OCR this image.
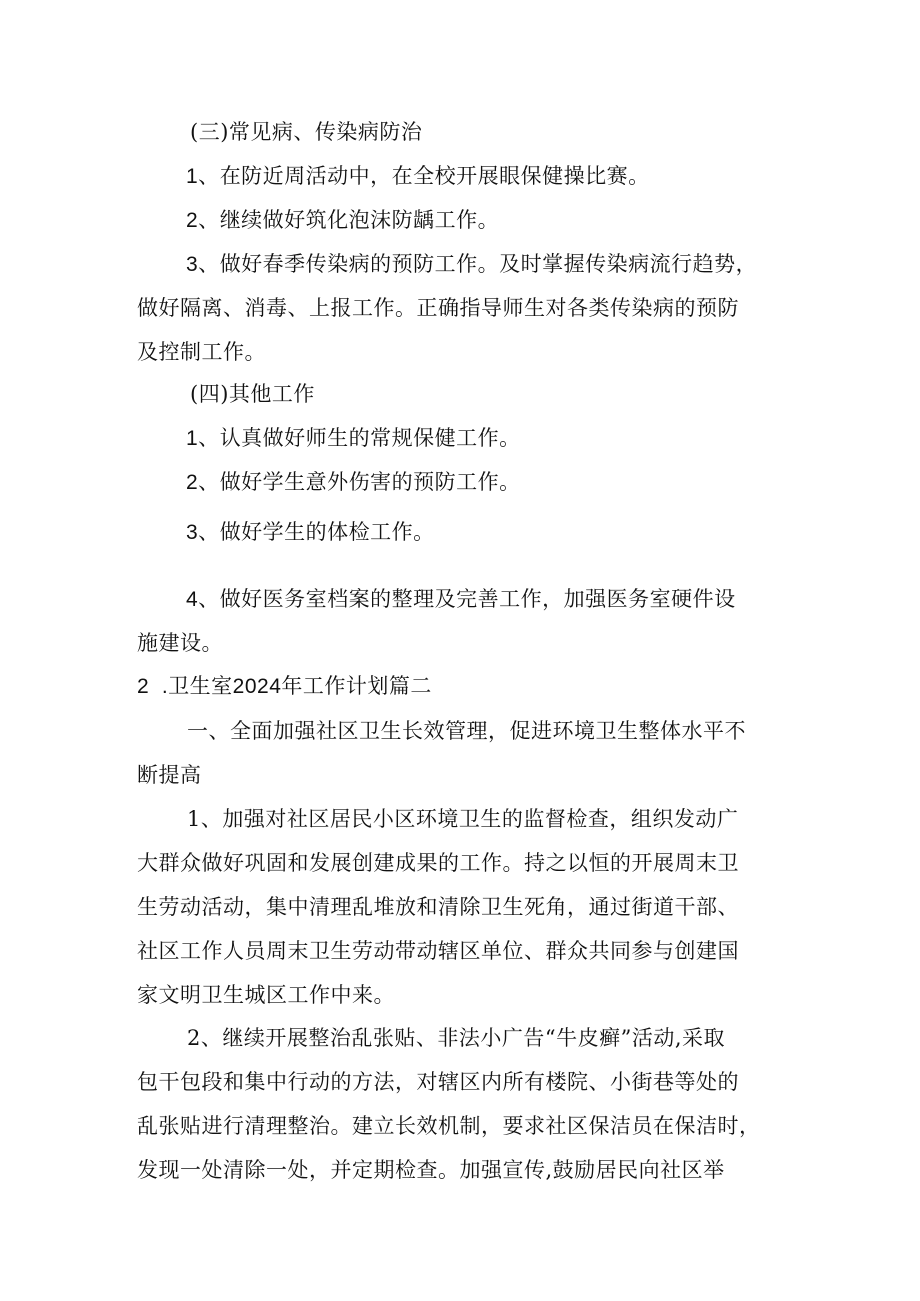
(三)常见病、传染病防治
1、在防近周活动中，在全校开展眼保健操比赛。
2、继续做好筑化泡沫防龋工作。
3、做好春季传染病的预防工作。及时掌握传染病流行趋势，
做好隔离、消毒、上报工作。正确指导师生对各类传染病的预防
及控制工作。
(四)其他工作
1、认真做好师生的常规保健工作。
2、做好学生意外伤害的预防工作。
3、做好学生的体检工作。
4、做好医务室档案的整理及完善工作，加强医务室硬件设
施建设。
2  .卫生室2024年工作计划篇二
一、全面加强社区卫生长效管理，促进环境卫生整体水平不
断提高
1、加强对社区居民小区环境卫生的监督检查，组织发动广
大群众做好巩固和发展创建成果的工作。持之以恒的开展周末卫
生劳动活动，集中清理乱堆放和清除卫生死角，通过街道干部、
社区工作人员周末卫生劳动带动辖区单位、群众共同参与创建国
家文明卫生城区工作中来。
2、继续开展整治乱张贴、非法小广告“牛皮癣”活动,采取
包干包段和集中行动的方法，对辖区内所有楼院、小街巷等处的
乱张贴进行清理整治。建立长效机制，要求社区保洁员在保洁时，
发现一处清除一处，并定期检查。加强宣传,鼓励居民向社区举
